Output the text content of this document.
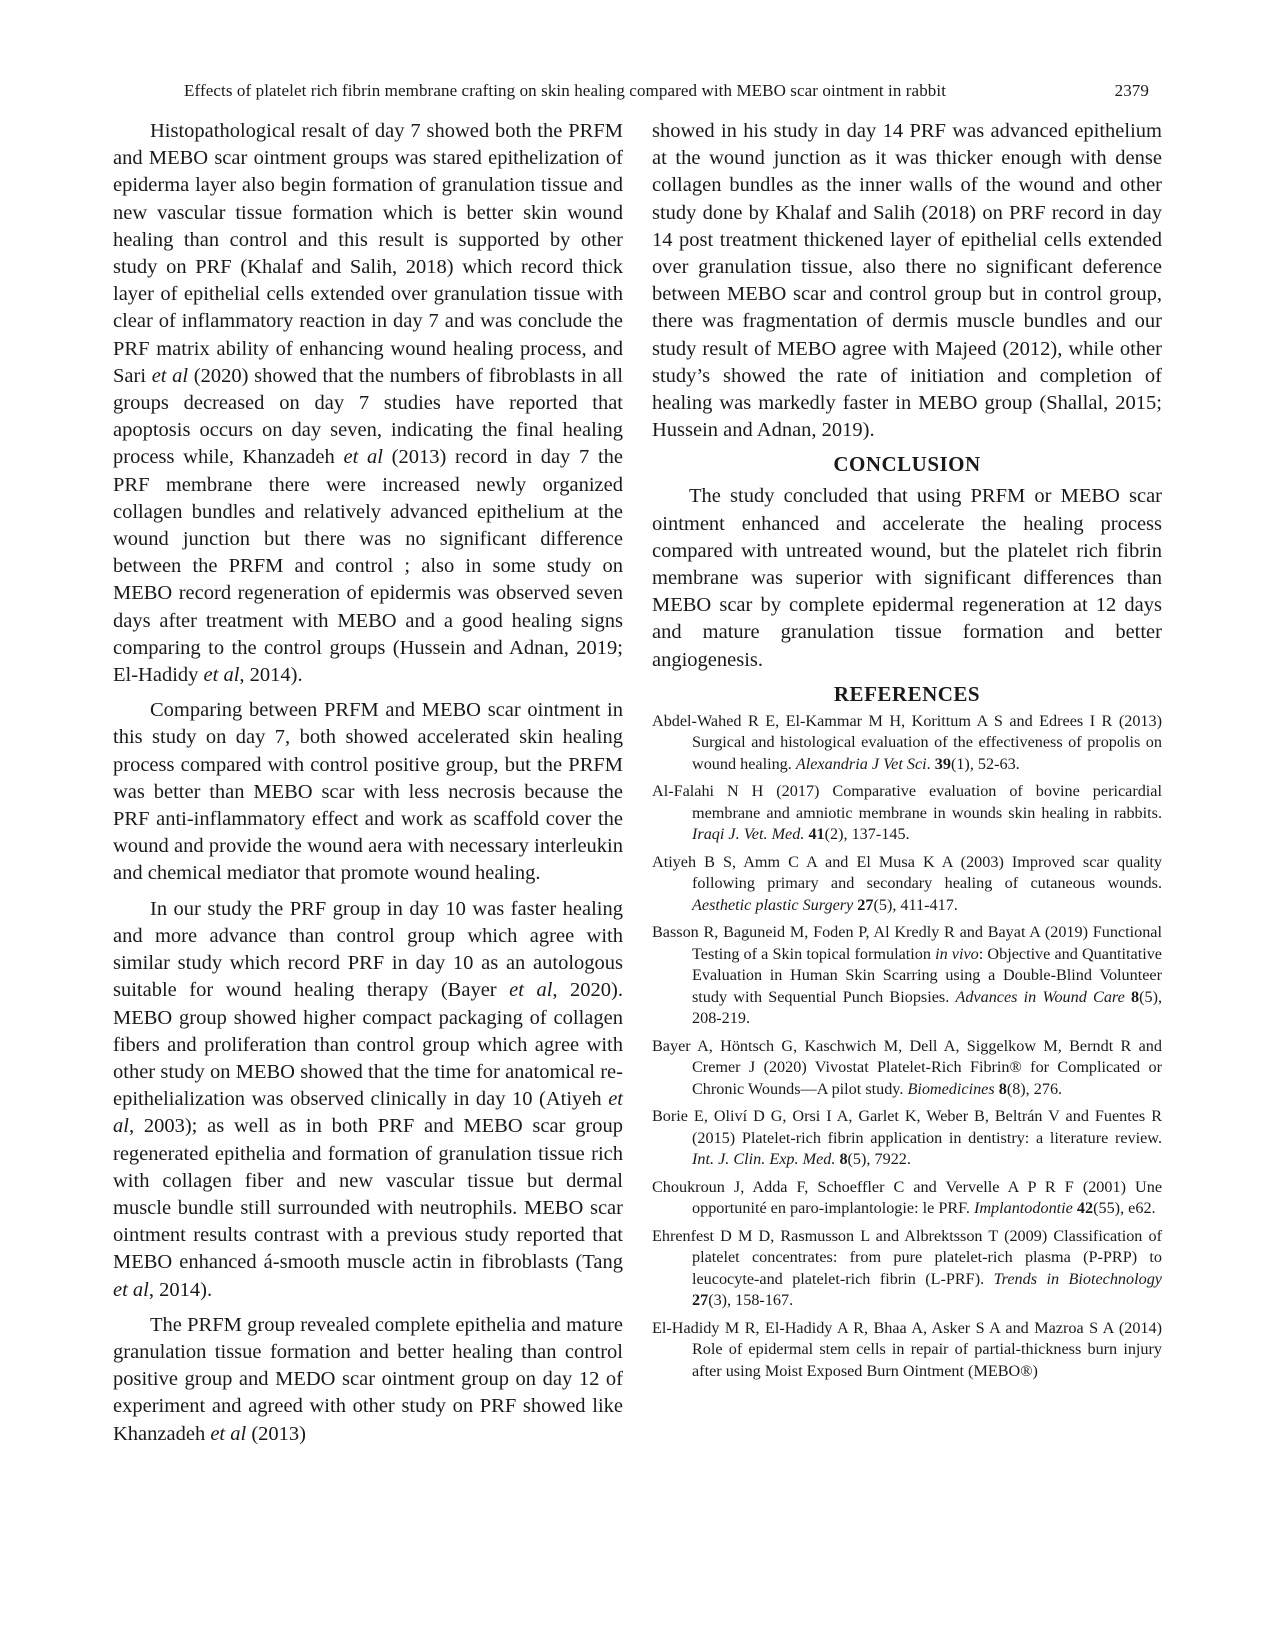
Effects of platelet rich fibrin membrane crafting on skin healing compared with MEBO scar ointment in rabbit	2379

Histopathological resalt of day 7 showed both the PRFM and MEBO scar ointment groups was stared epithelization of epiderma layer also begin formation of granulation tissue and new vascular tissue formation which is better skin wound healing than control and this result is supported by other study on PRF (Khalaf and Salih, 2018) which record thick layer of epithelial cells extended over granulation tissue with clear of inflammatory reaction in day 7 and was conclude the PRF matrix ability of enhancing wound healing process, and Sari et al (2020) showed that the numbers of fibroblasts in all groups decreased on day 7 studies have reported that apoptosis occurs on day seven, indicating the final healing process while, Khanzadeh et al (2013) record in day 7 the PRF membrane there were increased newly organized collagen bundles and relatively advanced epithelium at the wound junction but there was no significant difference between the PRFM and control ; also in some study on MEBO record regeneration of epidermis was observed seven days after treatment with MEBO and a good healing signs comparing to the control groups (Hussein and Adnan, 2019; El-Hadidy et al, 2014).

Comparing between PRFM and MEBO scar ointment in this study on day 7, both showed accelerated skin healing process compared with control positive group, but the PRFM was better than MEBO scar with less necrosis because the PRF anti-inflammatory effect and work as scaffold cover the wound and provide the wound aera with necessary interleukin and chemical mediator that promote wound healing.

In our study the PRF group in day 10 was faster healing and more advance than control group which agree with similar study which record PRF in day 10 as an autologous suitable for wound healing therapy (Bayer et al, 2020). MEBO group showed higher compact packaging of collagen fibers and proliferation than control group which agree with other study on MEBO showed that the time for anatomical re-epithelialization was observed clinically in day 10 (Atiyeh et al, 2003); as well as in both PRF and MEBO scar group regenerated epithelia and formation of granulation tissue rich with collagen fiber and new vascular tissue but dermal muscle bundle still surrounded with neutrophils. MEBO scar ointment results contrast with a previous study reported that MEBO enhanced á-smooth muscle actin in fibroblasts (Tang et al, 2014).

The PRFM group revealed complete epithelia and mature granulation tissue formation and better healing than control positive group and MEDO scar ointment group on day 12 of experiment and agreed with other study on PRF showed like Khanzadeh et al (2013)

showed in his study in day 14 PRF was advanced epithelium at the wound junction as it was thicker enough with dense collagen bundles as the inner walls of the wound and other study done by Khalaf and Salih (2018) on PRF record in day 14 post treatment thickened layer of epithelial cells extended over granulation tissue, also there no significant deference between MEBO scar and control group but in control group, there was fragmentation of dermis muscle bundles and our study result of MEBO agree with Majeed (2012), while other study’s showed the rate of initiation and completion of healing was markedly faster in MEBO group (Shallal, 2015; Hussein and Adnan, 2019).

CONCLUSION

The study concluded that using PRFM or MEBO scar ointment enhanced and accelerate the healing process compared with untreated wound, but the platelet rich fibrin membrane was superior with significant differences than MEBO scar by complete epidermal regeneration at 12 days and mature granulation tissue formation and better angiogenesis.

REFERENCES

Abdel-Wahed R E, El-Kammar M H, Korittum A S and Edrees I R (2013) Surgical and histological evaluation of the effectiveness of propolis on wound healing. Alexandria J Vet Sci. 39(1), 52-63.

Al-Falahi N H (2017) Comparative evaluation of bovine pericardial membrane and amniotic membrane in wounds skin healing in rabbits. Iraqi J. Vet. Med. 41(2), 137-145.

Atiyeh B S, Amm C A and El Musa K A (2003) Improved scar quality following primary and secondary healing of cutaneous wounds. Aesthetic plastic Surgery 27(5), 411-417.

Basson R, Baguneid M, Foden P, Al Kredly R and Bayat A (2019) Functional Testing of a Skin topical formulation in vivo: Objective and Quantitative Evaluation in Human Skin Scarring using a Double-Blind Volunteer study with Sequential Punch Biopsies. Advances in Wound Care 8(5), 208-219.

Bayer A, Höntsch G, Kaschwich M, Dell A, Siggelkow M, Berndt R and Cremer J (2020) Vivostat Platelet-Rich Fibrin® for Complicated or Chronic Wounds—A pilot study. Biomedicines 8(8), 276.

Borie E, Oliví D G, Orsi I A, Garlet K, Weber B, Beltrán V and Fuentes R (2015) Platelet-rich fibrin application in dentistry: a literature review. Int. J. Clin. Exp. Med. 8(5), 7922.

Choukroun J, Adda F, Schoeffler C and Vervelle A P R F (2001) Une opportunité en paro-implantologie: le PRF. Implantodontie 42(55), e62.

Ehrenfest D M D, Rasmusson L and Albrektsson T (2009) Classification of platelet concentrates: from pure platelet-rich plasma (P-PRP) to leucocyte-and platelet-rich fibrin (L-PRF). Trends in Biotechnology 27(3), 158-167.

El-Hadidy M R, El-Hadidy A R, Bhaa A, Asker S A and Mazroa S A (2014) Role of epidermal stem cells in repair of partial-thickness burn injury after using Moist Exposed Burn Ointment (MEBO®)
